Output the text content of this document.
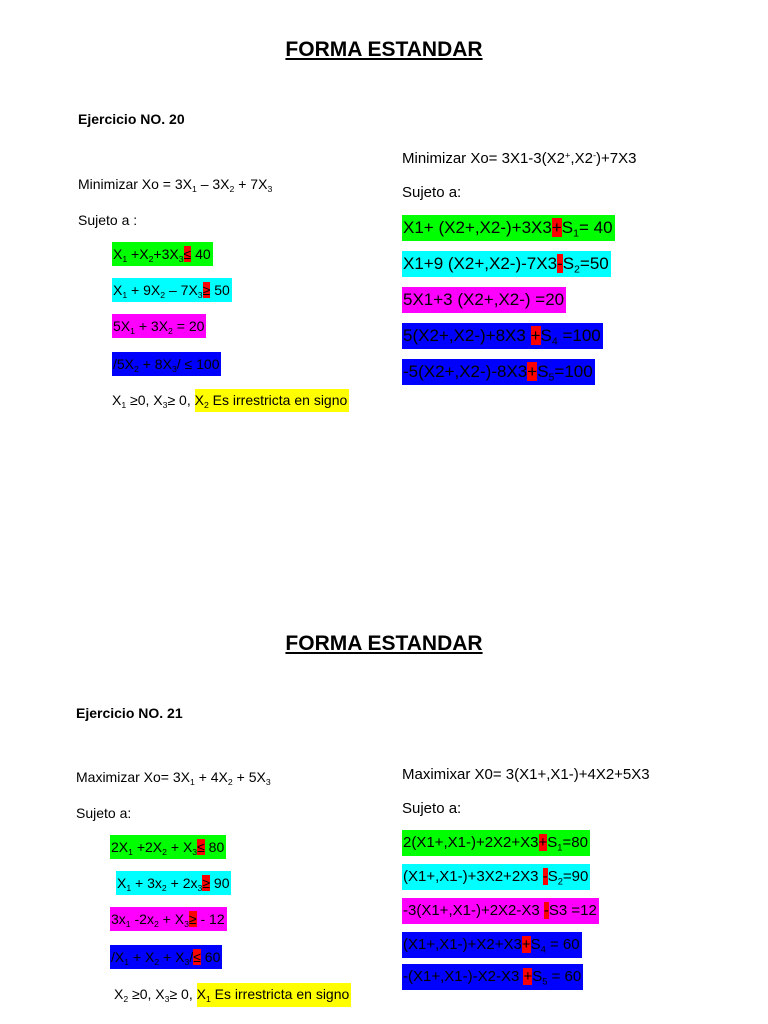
FORMA ESTANDAR
Ejercicio NO. 20
Minimizar $Xo = 3X_1 - 3X_2 + 7X_3$
Sujeto a :
$X_1 +X_2+3X_3\le 40$
$X_1 + 9X_2 - 7X_3\ge 50$
$5X_1 + 3X_2 = 20$
$/5X_2 + 8X_3/ \le 100$
$X_1 \ge 0$, $X_3\ge 0$, $X_2$ Es irrestricta en signo
Minimizar Xo= 3X1-3(X2+,X2-)+7X3
Sujeto a:
$X1+ (X2+,X2-)+3X3+S_1= 40$
X1+9 $(X2+,X2-)-7X3-S_2=50$
5X1+3 (X2+,X2-) =20
$5(X2+,X2-)+8X3 +S_4 =100$
$-5(X2+,X2-)-8X3+S_5=100$
FORMA ESTANDAR
Ejercicio NO. 21
Maximizar $Xo= 3X_1 + 4X_2 + 5X_3$
Sujeto a:
$2X_1 +2X_2 + X_3\le 80$
$X_1 + 3x_2 + 2x_3\ge 90$
$3x_1$ $-2x_2 + X_3\ge - 12$
$/X_1 + X_2 + X_3/\le 60$
$X_2 \ge 0$, $X_3\ge 0$, $X_1$ Es irrestricta en signo
Maximixar X0= 3(X1+,X1-)+4X2+5X3
Sujeto a:
$2(X1+,X1-)+2X2+X3+S_1=80$
(X1+,X1-)+3X2+2X3 $-S_2=90$
-3(X1+,X1-)+2X2-X3 -S3 =12
$(X1+,X1-)+X2+X3+S_4 = 60$
$-(X1+,X1-)-X2-X3 +S_5 = 60$
